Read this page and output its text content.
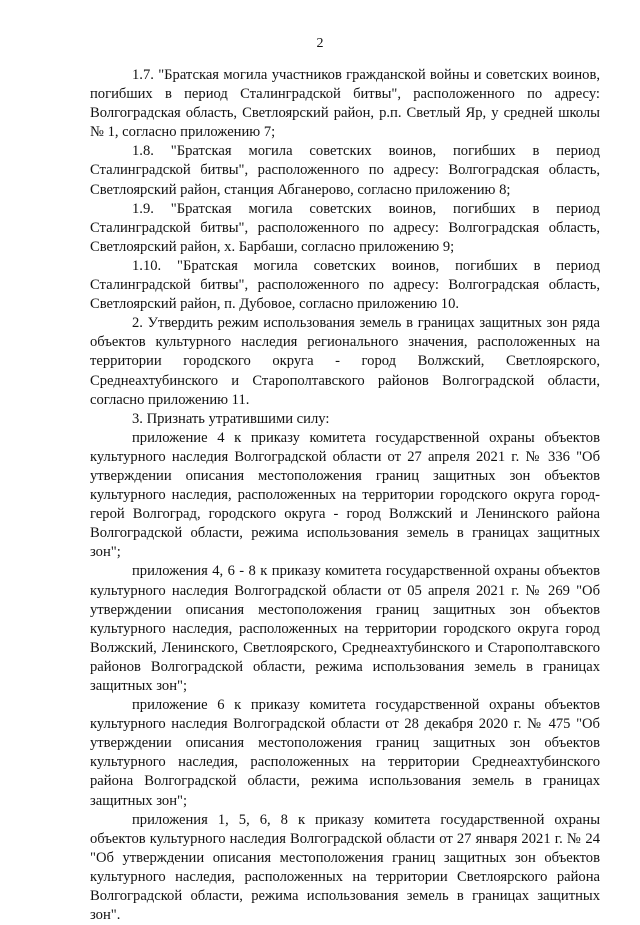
2

1.7. "Братская могила участников гражданской войны и советских воинов, погибших в период Сталинградской битвы", расположенного по адресу: Волгоградская область, Светлоярский район, р.п. Светлый Яр, у средней школы № 1, согласно приложению 7;

1.8. "Братская могила советских воинов, погибших в период Сталинградской битвы", расположенного по адресу: Волгоградская область, Светлоярский район, станция Абганерово, согласно приложению 8;

1.9. "Братская могила советских воинов, погибших в период Сталинградской битвы", расположенного по адресу: Волгоградская область, Светлоярский район, х. Барбаши, согласно приложению 9;

1.10. "Братская могила советских воинов, погибших в период Сталинградской битвы", расположенного по адресу: Волгоградская область, Светлоярский район, п. Дубовое, согласно приложению 10.

2. Утвердить режим использования земель в границах защитных зон ряда объектов культурного наследия регионального значения, расположенных на территории городского округа - город Волжский, Светлоярского, Среднеахтубинского и Старополтавского районов Волгоградской области, согласно приложению 11.

3. Признать утратившими силу:

приложение 4 к приказу комитета государственной охраны объектов культурного наследия Волгоградской области от 27 апреля 2021 г. № 336 "Об утверждении описания местоположения границ защитных зон объектов культурного наследия, расположенных на территории городского округа город-герой Волгоград, городского округа - город Волжский и Ленинского района Волгоградской области, режима использования земель в границах защитных зон";

приложения 4, 6 - 8 к приказу комитета государственной охраны объектов культурного наследия Волгоградской области от 05 апреля 2021 г. № 269 "Об утверждении описания местоположения границ защитных зон объектов культурного наследия, расположенных на территории городского округа город Волжский, Ленинского, Светлоярского, Среднеахтубинского и Старополтавского районов Волгоградской области, режима использования земель в границах защитных зон";

приложение 6 к приказу комитета государственной охраны объектов культурного наследия Волгоградской области от 28 декабря 2020 г. № 475 "Об утверждении описания местоположения границ защитных зон объектов культурного наследия, расположенных на территории Среднеахтубинского района Волгоградской области, режима использования земель в границах защитных зон";

приложения 1, 5, 6, 8 к приказу комитета государственной охраны объектов культурного наследия Волгоградской области от 27 января 2021 г. № 24 "Об утверждении описания местоположения границ защитных зон объектов культурного наследия, расположенных на территории Светлоярского района Волгоградской области, режима использования земель в границах защитных зон".
